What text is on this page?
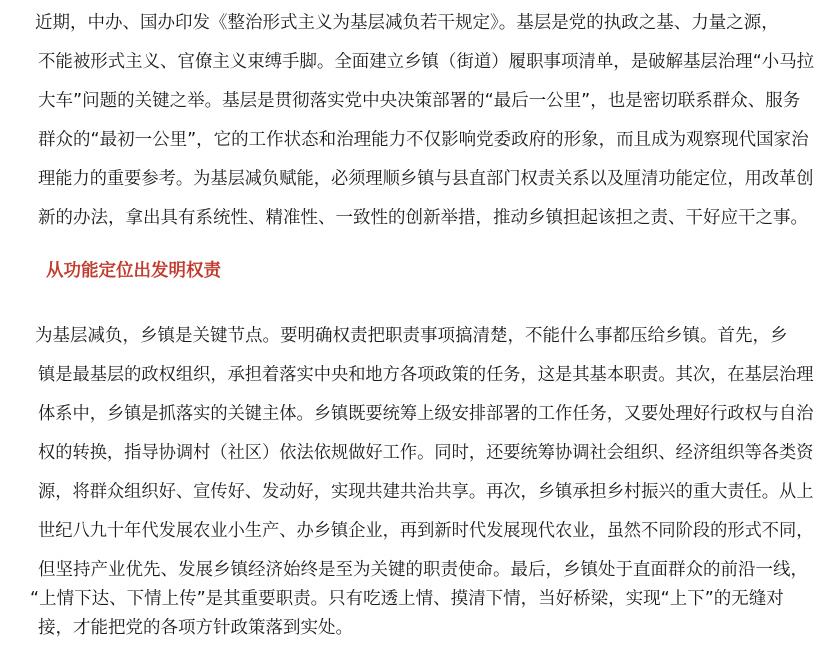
　　近期，中办、国办印发《整治形式主义为基层减负若干规定》。基层是党的执政之基、力量之源，
不能被形式主义、官僚主义束缚手脚。全面建立乡镇（街道）履职事项清单，是破解基层治理“小马拉
大车”问题的关键之举。基层是贯彻落实党中央决策部署的“最后一公里”，也是密切联系群众、服务
群众的“最初一公里”，它的工作状态和治理能力不仅影响党委政府的形象，而且成为观察现代国家治
理能力的重要参考。为基层减负赋能，必须理顺乡镇与县直部门权责关系以及厘清功能定位，用改革创
新的办法，拿出具有系统性、精准性、一致性的创新举措，推动乡镇担起该担之责、干好应干之事。
从功能定位出发明权责
　　为基层减负，乡镇是关键节点。要明确权责把职责事项搞清楚，不能什么事都压给乡镇。首先，乡
镇是最基层的政权组织，承担着落实中央和地方各项政策的任务，这是其基本职责。其次，在基层治理
体系中，乡镇是抓落实的关键主体。乡镇既要统筹上级安排部署的工作任务，又要处理好行政权与自治
权的转换，指导协调村（社区）依法依规做好工作。同时，还要统筹协调社会组织、经济组织等各类资
源，将群众组织好、宣传好、发动好，实现共建共治共享。再次，乡镇承担乡村振兴的重大责任。从上
世纪八九十年代发展农业小生产、办乡镇企业，再到新时代发展现代农业，虽然不同阶段的形式不同，
但坚持产业优先、发展乡镇经济始终是至为关键的职责使命。最后，乡镇处于直面群众的前沿一线，
“上情下达、下情上传”是其重要职责。只有吃透上情、摸清下情，当好桥梁，实现“上下”的无缝对
接，才能把党的各项方针政策落到实处。
